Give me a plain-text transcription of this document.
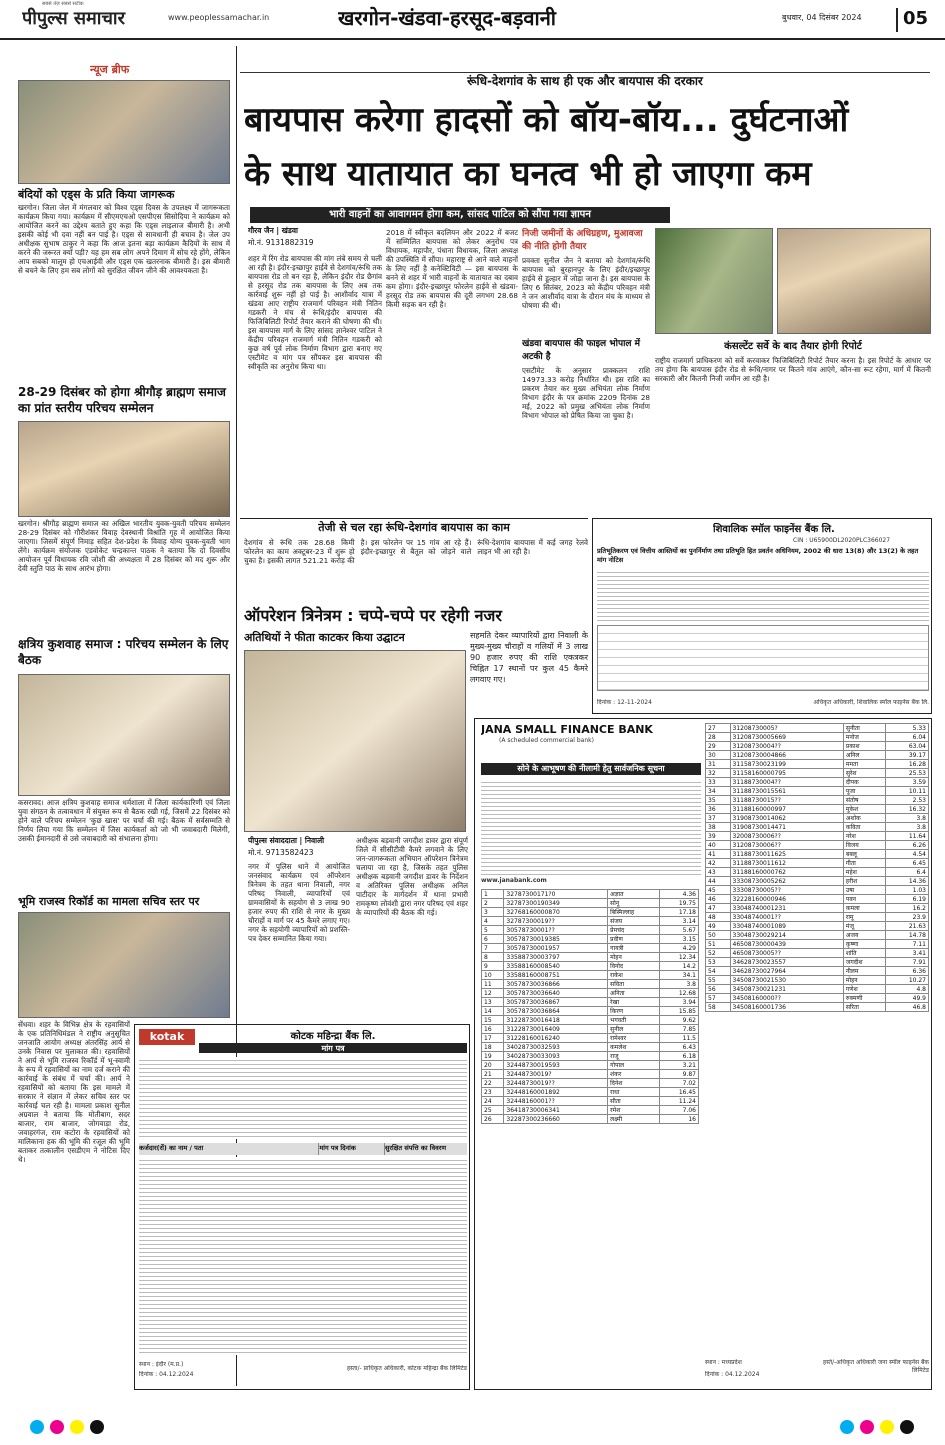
पीपुल्स समाचार
सबसे तेज़ सबसे सटीक
www.peoplessamachar.in	खरगोन-खंडवा-हरसूद-बड़वानी	बुधवार, 04 दिसंबर 2024	05
न्यूज ब्रीफ
बंदियों को एड्स के प्रति किया जागरूक
खरगोन। जिला जेल में मंगलवार को विश्व एड्स दिवस के उपलक्ष्य में जागरूकता कार्यक्रम किया गया। कार्यक्रम में सीएमएचओ एसपीएस सिसोदिया ने कार्यक्रम को आयोजित करने का उद्देश्य बताते हुए कहा कि एड्स लाइलाज बीमारी है। अभी इसकी कोई भी दवा नहीं बन पाई है। एड्स से सावधानी ही बचाव है। जेल उप अधीक्षक सुभाष ठाकुर ने कहा कि आज इतना बड़ा कार्यक्रम कैदियों के साथ में करने की जरूरत क्यों पड़ी? यह हम सब लोग अपने दिमाग में सोच रहे होंगे, लेकिन आप सबको मालूम हो एचआईवी और एड्स एक खतरनाक बीमारी है। इस बीमारी से बचने के लिए हम सब लोगों को सुरक्षित जीवन जीने की आवश्यकता है।
28-29 दिसंबर को होगा श्रीगौड़ ब्राह्मण समाज का प्रांत स्तरीय परिचय सम्मेलन
खरगोन। श्रीगौड़ ब्राह्मण समाज का अखिल भारतीय युवक-युवती परिचय सम्मेलन 28-29 दिसंबर को गौरीशंकर विवाह देवस्थानी विश्रांति गृह में आयोजित किया जाएगा। जिसमें संपूर्ण निमाड़ सहित देश-प्रदेश के विवाह योग्य युवक-युवती भाग लेंगे। कार्यक्रम संयोजक एडवोकेट चन्द्रकान्त पाठक ने बताया कि दो दिवसीय आयोजन पूर्व विधायक रवि जोशी की अध्यक्षता में 28 दिसंबर को मद शुरू और देवी स्तुति पाठ के साथ आरंभ होगा।
क्षत्रिय कुशवाह समाज : परिचय सम्मेलन के लिए बैठक
कसरावद। आज क्षत्रिय कुशवाह समाज धर्मशाला में जिला कार्यकारिणी एवं जिला युवा संगठन के तत्वावधान में संयुक्त रूप से बैठक रखी गई, जिसमें 22 दिसंबर को होने वाले परिचय सम्मेलन 'कुछ खास' पर चर्चा की गई। बैठक में सर्वसम्मति से निर्णय लिया गया कि सम्मेलन में जिस कार्यकर्ता को जो भी जवाबदारी मिलेगी, उसकी ईमानदारी से उसे जवाबदारी को संभालना होगा।
भूमि राजस्व रिकॉर्ड का मामला सचिव स्तर पर
सेंधवा। शहर के विभिन्न क्षेत्र के रहवासियों के एक प्रतिनिधिमंडल ने राष्ट्रीय अनुसूचित जनजाति आयोग अध्यक्ष अंतरसिंह आर्य से उनके निवास पर मुलाकात की। रहवासियों ने आर्य से भूमि राजस्व रिकॉर्ड में भू-स्वामी के रूप में रहवासियों का नाम दर्ज कराने की कार्रवाई के संबंध में चर्चा की। आर्य ने रहवासियों को बताया कि इस मामले में सरकार ने संज्ञान में लेकर सचिव स्तर पर कार्रवाई चल रही है। मामला प्रकाश सुनील अग्रवाल ने बताया कि मोतीबाग, सदर बाजार, राम बाजार, जोगवाड़ा रोड, जवाहरगंज, राम कटोरा के रहवासियों को मालिकाना हक की भूमि की रजूल की भूमि बताकर तत्कालीन एसडीएम ने नोटिस दिए थे।
रूंधि-देशगांव के साथ ही एक और बायपास की दरकार
बायपास करेगा हादसों को बॉय-बॉय... दुर्घटनाओं
के साथ यातायात का घनत्व भी हो जाएगा कम
भारी वाहनों का आवागमन होगा कम, सांसद पाटिल को सौंपा गया ज्ञापन
गौरव जैन | खंडवा
मो.नं. 9131882319
शहर में रिंग रोड बायपास की मांग लंबे समय से चली आ रही है। इंदौर-इच्छापुर हाईवे से देशगांव/रूंधि तक बायपास रोड तो बन रहा है, लेकिन इंदौर रोड छैगांव से हरसूद रोड तक बायपास के लिए अब तक कार्रवाई शुरू नहीं हो पाई है। आशीर्वाद यात्रा में खंडवा आए राष्ट्रीय राजमार्ग परिवहन मंत्री नितिन गडकरी ने मंच से रूंधि/इंदौर बायपास की फिजिबिलिटी रिपोर्ट तैयार कराने की घोषणा की थी। इस बायपास मार्ग के लिए सांसद ज्ञानेश्वर पाटिल ने केंद्रीय परिवहन राजमार्ग मंत्री नितिन गडकरी को कुछ वर्ष पूर्व लोक निर्माण विभाग द्वारा बनाए गए एस्टीमेट व मांग पत्र सौंपकर इस बायपास की स्वीकृति का अनुरोध किया था।
2018 में स्वीकृत बदलियन और 2022 में बजट में सम्मिलित बायपास को लेकर अनुरोध पत्र विधायक, महापौर, पंधाना विधायक, जिला अध्यक्ष की उपस्थिति में सौंपा। महाराष्ट्र से आने वाले वाहनों के लिए नहीं है कनेक्टिविटी — इस बायपास के बनने से शहर में भारी वाहनों के यातायात का दबाव कम होगा। इंदौर-इच्छापुर फोरलेन हाईवे से खंडवा-हरसूद रोड तक बायपास की दूरी लगभग 28.68 किमी सड़क बन रही है।
निजी जमीनों के अधिग्रहण, मुआवजा की नीति होगी तैयार
प्रवक्ता सुनील जैन ने बताया को देशगांव/रूंधि बायपास को बुरहानपुर के लिए इंदौर/इच्छापुर हाईवे से डूल्हार में जोड़ा जाना है। इस बायपास के लिए 6 सितंबर, 2023 को केंद्रीय परिवहन मंत्री ने जन आशीर्वाद यात्रा के दौरान मंच के माध्यम से घोषणा की थी।
खंडवा बायपास की फाइल भोपाल में अटकी है
एसटीमेट के अनुसार प्राक्कलन राशि 14973.33 करोड़ निर्धारित थी। इस राशि का प्रकरण तैयार कर मुख्य अभियंता लोक निर्माण विभाग इंदौर के पत्र क्रमांक 2209 दिनांक 28 मई, 2022 को प्रमुख अभियंता लोक निर्माण विभाग भोपाल को प्रेषित किया जा चुका है।
कंसल्टेंट सर्वे के बाद तैयार होगी रिपोर्ट
राष्ट्रीय राजमार्ग प्राधिकरण को सर्वे करवाकर फिजिबिलिटी रिपोर्ट तैयार करना है। इस रिपोर्ट के आधार पर तय होगा कि बायपास इंदौर रोड से रूंधि/नागर पर कितने गांव आएंगे, कौन-सा रूट रहेगा, मार्ग में कितनी सरकारी और कितनी निजी जमीन आ रही है।
तेजी से चल रहा रूंधि-देशगांव बायपास का काम
देशगांव से रूंधि तक 28.68 किमी फोरलेन का काम अक्टूबर-23 में शुरू हो चुका है। इसकी लागत 521.21 करोड़ की है। इस फोरलेन पर 15 गांव आ रहे हैं। इंदौर-इच्छापुर से बैतूल को जोड़ने वाले रूंधि-देशगांव बायपास में कई जगह रेलवे लाइन भी आ रही है।
शिवालिक स्मॉल फाइनेंस बैंक लि.
CIN : U65900DL2020PLC366027
प्रतिभूतिकरण एवं वित्तीय आस्तियों का पुनर्निर्माण तथा प्रतिभूति हित प्रवर्तन अधिनियम, 2002 की धारा 13(8) और 13(2) के तहत मांग नोटिस
दिनांक : 12-11-2024	अधिकृत अधिकारी, शिवालिक स्मॉल फाइनेंस बैंक लि.
ऑपरेशन त्रिनेत्रम : चप्पे-चप्पे पर रहेगी नजर
अतिथियों ने फीता काटकर किया उद्घाटन	सहमति देकर व्यापारियों द्वारा निवाली के मुख्य-मुख्य चौराहों व गलियों में 3 लाख 90 हजार रुपए की राशि एकत्रकर चिह्नित 17 स्थानों पर कुल 45 कैमरे लगवाए गए।
पीपुल्स संवाददाता | निवाली
मो.नं. 9713582423
नगर में पुलिस थाने में आयोजित जनसंवाद कार्यक्रम एवं ऑपरेशन त्रिनेत्रम के तहत थाना निवाली, नगर परिषद निवाली, व्यापारियों एवं ग्रामवासियों के सहयोग से 3 लाख 90 हजार रुपए की राशि से नगर के मुख्य चौराहों व मार्ग पर 45 कैमरे लगाए गए। नगर के सहयोगी व्यापारियों को प्रशस्ति-पत्र देकर सम्मानित किया गया।
अधीक्षक बड़वानी जगदीश डावर द्वारा संपूर्ण जिले में सीसीटीवी कैमरे लगवाने के लिए जन-जागरूकता अभियान ऑपरेशन त्रिनेत्रम चलाया जा रहा है, जिसके तहत पुलिस अधीक्षक बड़वानी जगदीश डावर के निर्देशन व अतिरिक्त पुलिस अधीक्षक अनिल पाटीदार के मार्गदर्शन में थाना प्रभारी रामकृष्ण लोवंशी द्वारा नगर परिषद एवं शहर के व्यापारियों की बैठक की गई।
kotak	कोटक महिन्द्रा बैंक लि.
मांग पत्र
कर्जदार(रों) का नाम / पता	मांग पत्र दिनांक	सुरक्षित संपत्ति का विवरण
स्थान : इंदौर (म.प्र.)
दिनांक : 04.12.2024
हस्ता/- प्राधिकृत अधिकारी, कोटक महिन्द्रा बैंक लिमिटेड
JANA SMALL FINANCE BANK
(A scheduled commercial bank)
सोने के आभूषण की नीलामी हेतु सार्वजनिक सूचना
www.janabank.com
1	32787300171?0	अज्ञात	4.36
2	32787300190349	सोनू	19.75
3	32768160000870	बिस्मिल्लाह	17.18
4	32787300019??	संजय	3.14
5	30578730001??	प्रेमचंद	5.67
6	30578730019385	प्रवीण	3.15
7	30578730001957	गायत्री	4.29
8	33588730003797	मोहन	12.34
9	33588160008540	विनोद	14.2
10	33588160008751	राकेश	34.1
11	30578730036866	सविता	3.8
12	30578730036640	अनिता	12.68
13	30578730036867	रेखा	3.94
14	30578730036864	किरण	15.85
15	31228730016418	भगवती	9.62
16	31228730016409	सुनील	7.85
17	31228160016240	रामेश्वर	11.5
18	34028730032593	कमलेश	6.43
19	34028730033093	राजू	6.18
20	32448730019593	गोपाल	3.21
21	32448730019?	शंकर	9.87
22	32448730019??	दिनेश	7.02
23	32448160001892	राधा	16.45
24	32448160001??	सीता	11.24
25	36418730006341	रमेश	7.06
26	32287300236660	लक्ष्मी	16
27	31208730005?	सुनीता	5.33
28	31208730005669	मनोज	6.04
29	31208730004??	प्रकाश	63.04
30	31208730004866	अनिल	39.17
31	31158730023199	ममता	16.28
32	31158160000795	सुरेश	25.53
33	31188730004??	दीपक	3.59
34	31188730015561	पूजा	10.11
35	31188730015??	संतोष	2.53
36	31188160000997	मुकेश	16.32
37	31908730014062	अशोक	3.8
38	31908730014471	कविता	3.8
39	32008730006??	नरेश	11.64
40	31208730006??	विजय	6.26
41	31188730011625	बबलू	4.54
42	31188730011612	गीता	6.45
43	31188160000762	महेश	6.4
44	33308730005262	हरीश	14.36
45	33308730005??	उषा	1.03
46	32228160000946	पवन	6.19
47	33048740001231	कमला	16.2
48	33048740001??	रामू	23.9
49	33048740001089	मंजू	21.63
50	33048730029214	अजय	14.78
51	46508730000439	कृष्णा	7.11
52	46508730005??	शांति	3.41
53	34628730023557	जगदीश	7.91
54	34628730027964	नीलम	6.36
55	34508730021530	मोहन	10.27
56	34508730021231	गणेश	4.8
57	34508160000??	रुक्मणी	49.9
58	34508160001736	सरिता	46.8
स्थान : मध्यप्रदेश
दिनांक : 04.12.2024
हस्ते/-अधिकृत अधिकारी जना स्मॉल फाइनेंस बैंक लिमिटेड
